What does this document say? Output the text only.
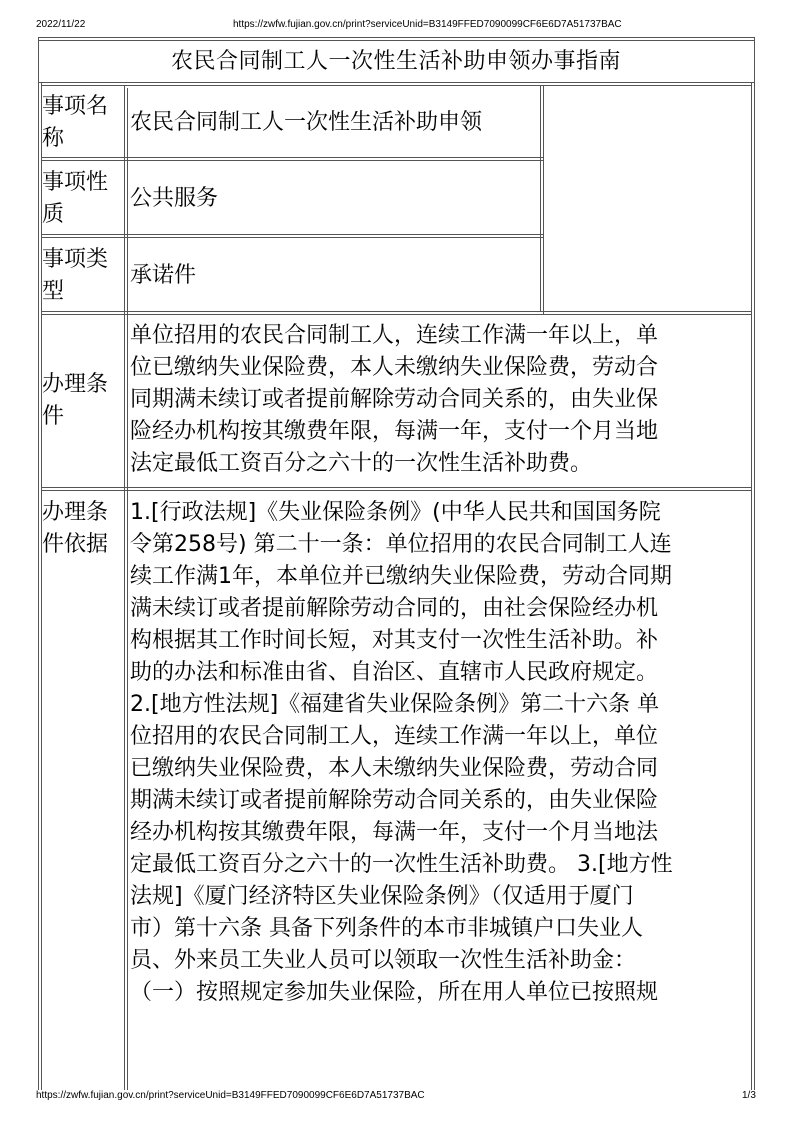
2022/11/22	https://zwfw.fujian.gov.cn/print?serviceUnid=B3149FFED7090099CF6E6D7A51737BAC
农民合同制工人一次性生活补助申领办事指南
事项名
称
农民合同制工人一次性生活补助申领
事项性
质
公共服务
事项类
型
承诺件
办理条
件
单位招用的农民合同制工人，连续工作满一年以上，单
位已缴纳失业保险费，本人未缴纳失业保险费，劳动合
同期满未续订或者提前解除劳动合同关系的，由失业保
险经办机构按其缴费年限，每满一年，支付一个月当地
法定最低工资百分之六十的一次性生活补助费。
办理条
件依据
1.[行政法规]《失业保险条例》(中华人民共和国国务院
令第258号) 第二十一条：单位招用的农民合同制工人连
续工作满1年，本单位并已缴纳失业保险费，劳动合同期
满未续订或者提前解除劳动合同的，由社会保险经办机
构根据其工作时间长短，对其支付一次性生活补助。补
助的办法和标准由省、自治区、直辖市人民政府规定。
2.[地方性法规]《福建省失业保险条例》第二十六条 单
位招用的农民合同制工人，连续工作满一年以上，单位
已缴纳失业保险费，本人未缴纳失业保险费，劳动合同
期满未续订或者提前解除劳动合同关系的，由失业保险
经办机构按其缴费年限，每满一年，支付一个月当地法
定最低工资百分之六十的一次性生活补助费。 3.[地方性
法规]《厦门经济特区失业保险条例》（仅适用于厦门
市）第十六条 具备下列条件的本市非城镇户口失业人
员、外来员工失业人员可以领取一次性生活补助金：
（一）按照规定参加失业保险，所在用人单位已按照规
https://zwfw.fujian.gov.cn/print?serviceUnid=B3149FFED7090099CF6E6D7A51737BAC	1/3
